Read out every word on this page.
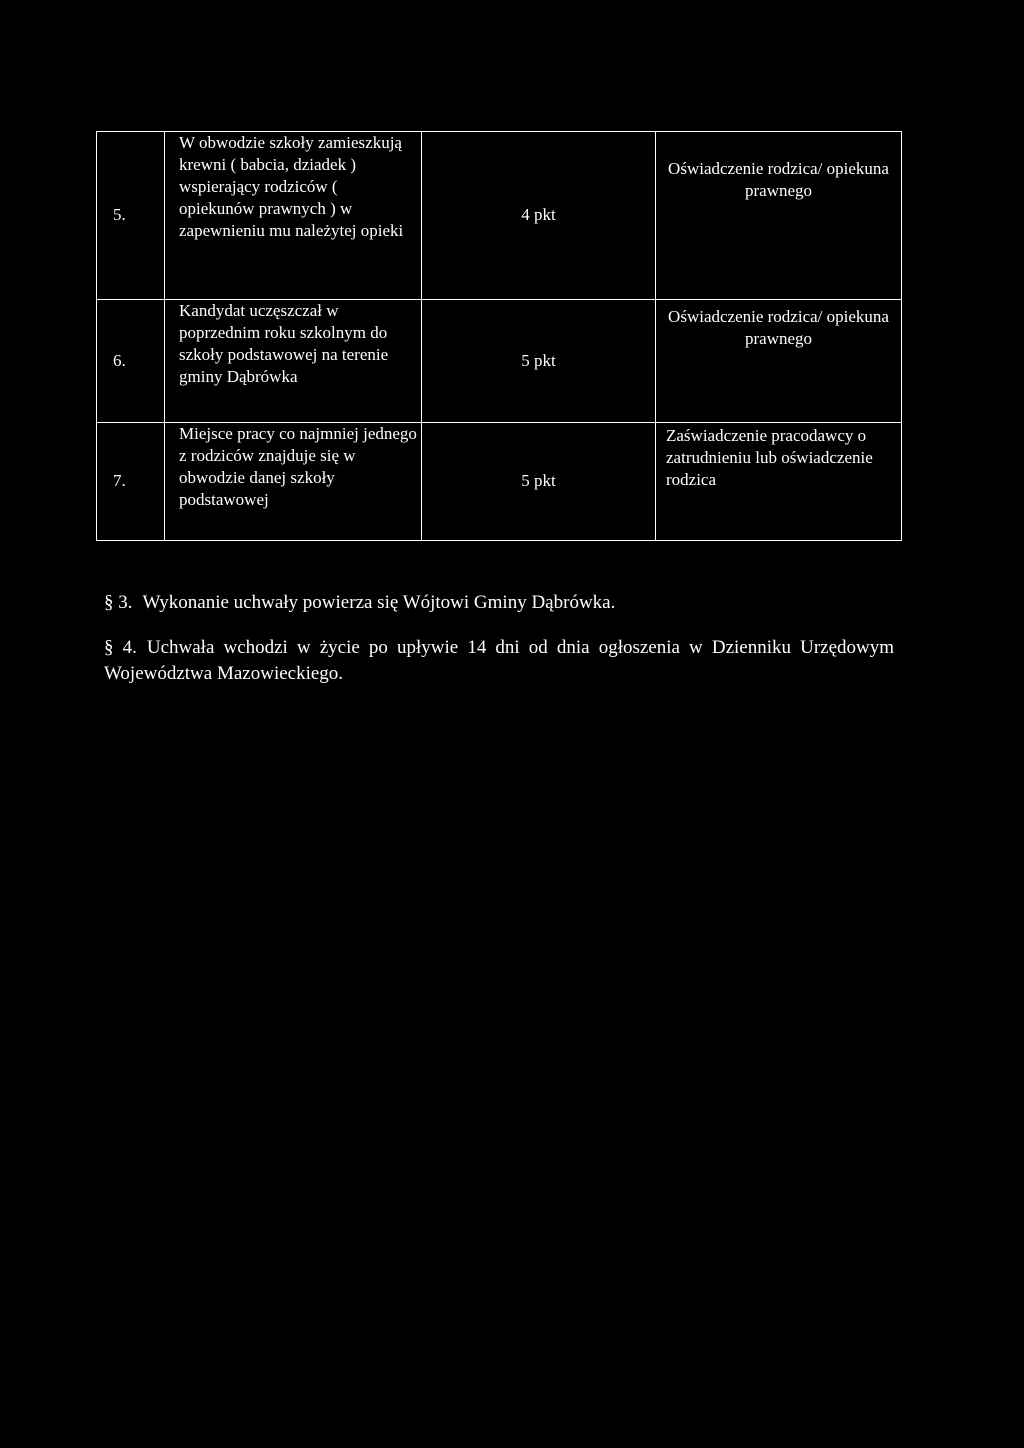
5.	W obwodzie szkoły zamieszkują krewni ( babcia, dziadek ) wspierający rodziców ( opiekunów prawnych ) w zapewnieniu mu należytej opieki	4 pkt	Oświadczenie rodzica/ opiekuna prawnego
6.	Kandydat uczęszczał w poprzednim roku szkolnym do szkoły podstawowej na terenie gminy Dąbrówka	5 pkt	Oświadczenie rodzica/ opiekuna prawnego
7.	Miejsce pracy co najmniej jednego z rodziców znajduje się w obwodzie danej szkoły podstawowej	5 pkt	Zaświadczenie pracodawcy o zatrudnieniu lub oświadczenie rodzica
§ 3. Wykonanie uchwały powierza się Wójtowi Gminy Dąbrówka.
§ 4. Uchwała wchodzi w życie po upływie 14 dni od dnia ogłoszenia w Dzienniku Urzędowym Województwa Mazowieckiego.
